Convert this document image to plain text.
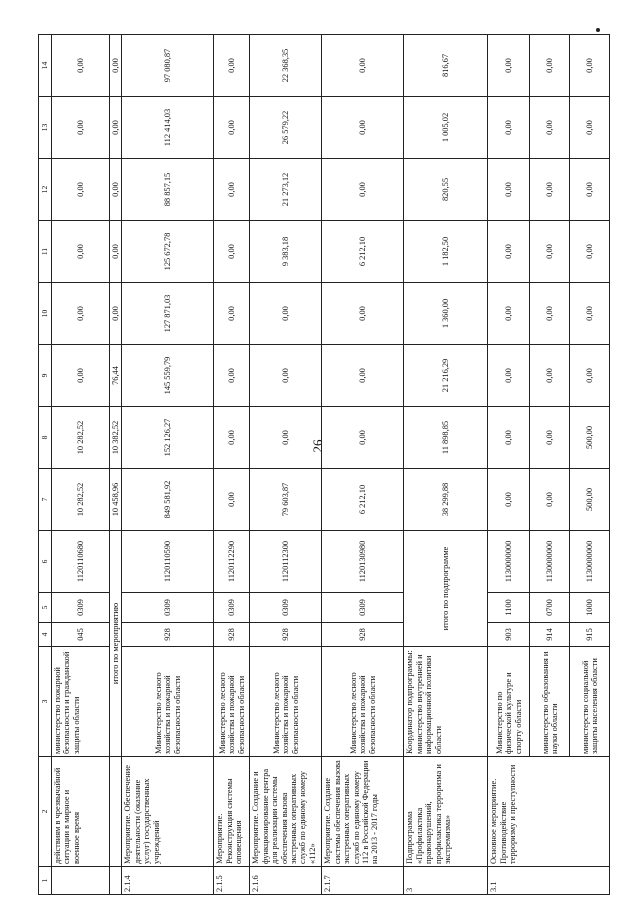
26
1	2	3	4	5	6	7	8	9	10	11	12	13	14
	действиям в чрезвычайной ситуации в мирное и военное время	министерство пожарной безопасности и гражданской защиты области	045	0309	1120110680	10 282,52	10 282,52	0,00	0,00	0,00	0,00	0,00	0,00
		итого по мероприятию				10 458,96	10 382,52	76,44	0,00	0,00	0,00	0,00	0,00
2.1.4	Мероприятие. Обеспечение деятельности (оказание услуг) государственных учреждений	Министерство лесного хозяйства и пожарной безопасности области	928	0309	1120110590	849 581,92	152 126,27	145 559,79	127 871,03	125 672,78	88 857,15	112 414,03	97 080,87
2.1.5	Мероприятие. Реконструкция системы оповещения	Министерство лесного хозяйства и пожарной безопасности области	928	0309	1120112290	0,00	0,00	0,00	0,00	0,00	0,00	0,00	0,00
2.1.6	Мероприятие. Создание и функционирование центра для реализации системы обеспечения вызова экстренных оперативных служб по единому номеру «112»	Министерство лесного хозяйства и пожарной безопасности области	928	0309	1120112300	79 603,87	0,00	0,00	0,00	9 383,18	21 273,12	26 579,22	22 368,35
2.1.7	Мероприятие. Создание системы обеспечения вызова экстренных оперативных служб по единому номеру 112 в Российской Федерации на 2013 - 2017 годы	Министерство лесного хозяйства и пожарной безопасности области	928	0309	1120130980	6 212,10	0,00	0,00	0,00	6 212,10	0,00	0,00	0,00
3	Подпрограмма «Профилактика правонарушений, профилактика терроризма и экстремизма»	Координатор подпрограммы: министерство внутренней и информационной политики области	итого по подпрограмме			38 299,88	11 898,85	21 216,29	1 360,00	1 182,50	820,55	1 005,02	816,67
3.1	Основное мероприятие. Противодействие терроризму и преступности	Министерство по физической культуре и спорту области	903	1100	1130000000	0,00	0,00	0,00	0,00	0,00	0,00	0,00	0,00
		министерство образования и науки области	914	0700	1130000000	0,00	0,00	0,00	0,00	0,00	0,00	0,00	0,00
		министерство социальной защиты населения области	915	1000	1130000000	500,00	500,00	0,00	0,00	0,00	0,00	0,00	0,00
